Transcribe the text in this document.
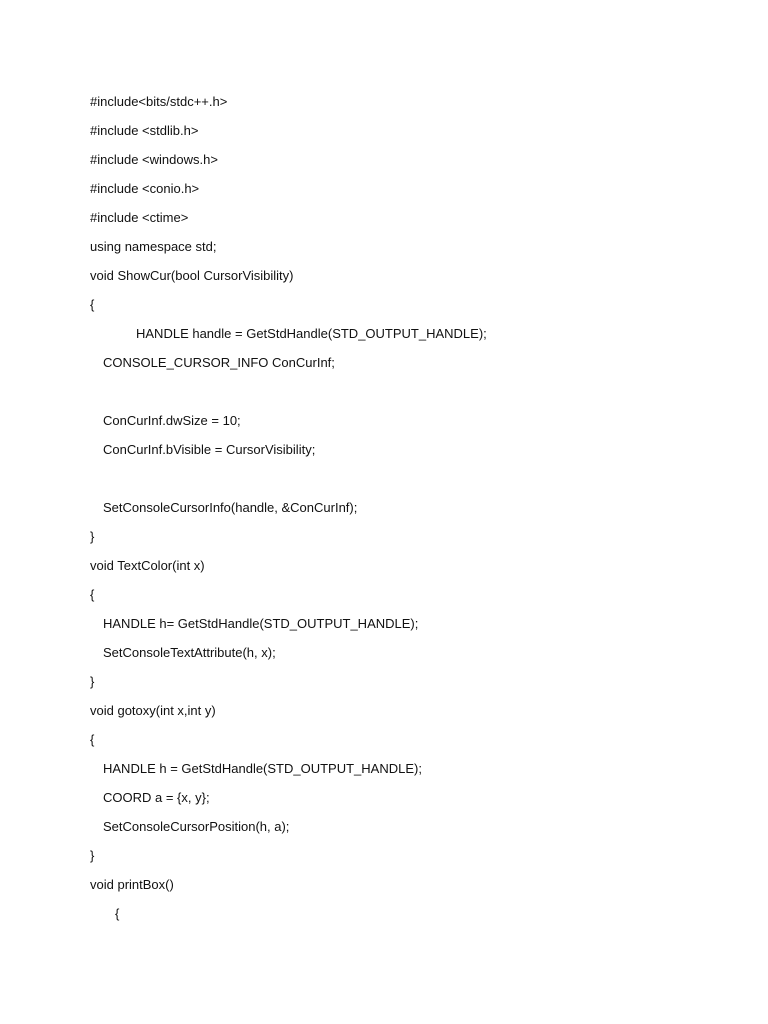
#include<bits/stdc++.h>
#include <stdlib.h>
#include <windows.h>
#include <conio.h>
#include <ctime>
using namespace std;
void ShowCur(bool CursorVisibility)
{
HANDLE handle = GetStdHandle(STD_OUTPUT_HANDLE);
CONSOLE_CURSOR_INFO ConCurInf;
ConCurInf.dwSize = 10;
ConCurInf.bVisible = CursorVisibility;
SetConsoleCursorInfo(handle, &ConCurInf);
}
void TextColor(int x)
{
HANDLE h= GetStdHandle(STD_OUTPUT_HANDLE);
SetConsoleTextAttribute(h, x);
}
void gotoxy(int x,int y)
{
HANDLE h = GetStdHandle(STD_OUTPUT_HANDLE);
COORD a = {x, y};
SetConsoleCursorPosition(h, a);
}
void printBox()
{
